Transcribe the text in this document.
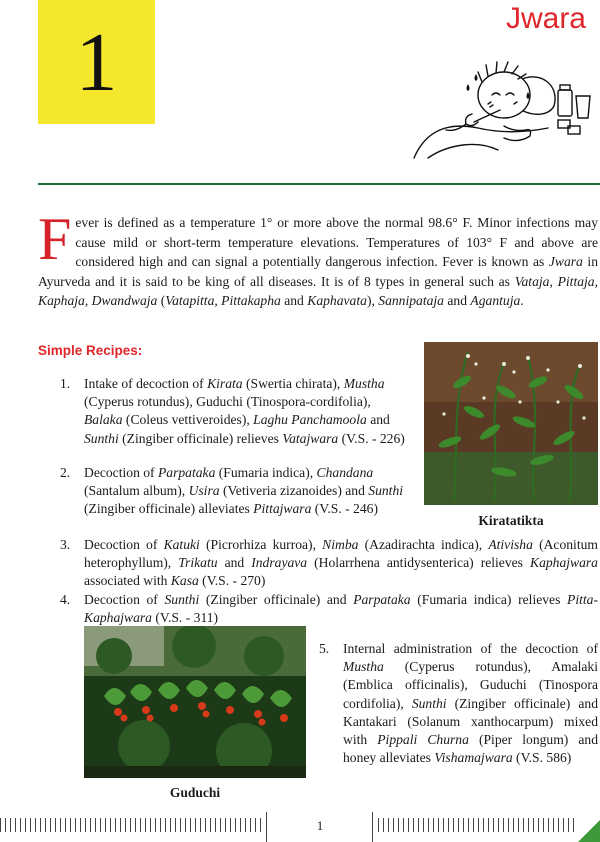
1	Jwara
Fever is defined as a temperature 1° or more above the normal 98.6° F. Minor infections may cause mild or short-term temperature elevations. Temperatures of 103° F and above are considered high and can signal a potentially dangerous infection. Fever is known as Jwara in Ayurveda and it is said to be king of all diseases. It is of 8 types in general such as Vataja, Pittaja, Kaphaja, Dwandwaja (Vatapitta, Pittakapha and Kaphavata), Sannipataja and Agantuja.
Simple Recipes:
Kiratatikta
1. Intake of decoction of Kirata (Swertia chirata), Mustha (Cyperus rotundus), Guduchi (Tinospora-cordifolia), Balaka (Coleus vettiveroides), Laghu Panchamoola and Sunthi (Zingiber officinale) relieves Vatajwara (V.S. - 226)
2. Decoction of Parpataka (Fumaria indica), Chandana (Santalum album), Usira (Vetiveria zizanoides) and Sunthi (Zingiber officinale) alleviates Pittajwara (V.S. - 246)
3. Decoction of Katuki (Picrorhiza kurroa), Nimba (Azadirachta indica), Ativisha (Aconitum heterophyllum), Trikatu and Indrayava (Holarrhena antidysenterica) relieves Kaphajwara associated with Kasa (V.S. - 270)
4. Decoction of Sunthi (Zingiber officinale) and Parpataka (Fumaria indica) relieves Pitta-Kaphajwara (V.S. - 311)
Guduchi
5. Internal administration of the decoction of Mustha (Cyperus rotundus), Amalaki (Emblica officinalis), Guduchi (Tinospora cordifolia), Sunthi (Zingiber officinale) and Kantakari (Solanum xanthocarpum) mixed with Pippali Churna (Piper longum) and honey alleviates Vishamajwara (V.S. 586)
1
